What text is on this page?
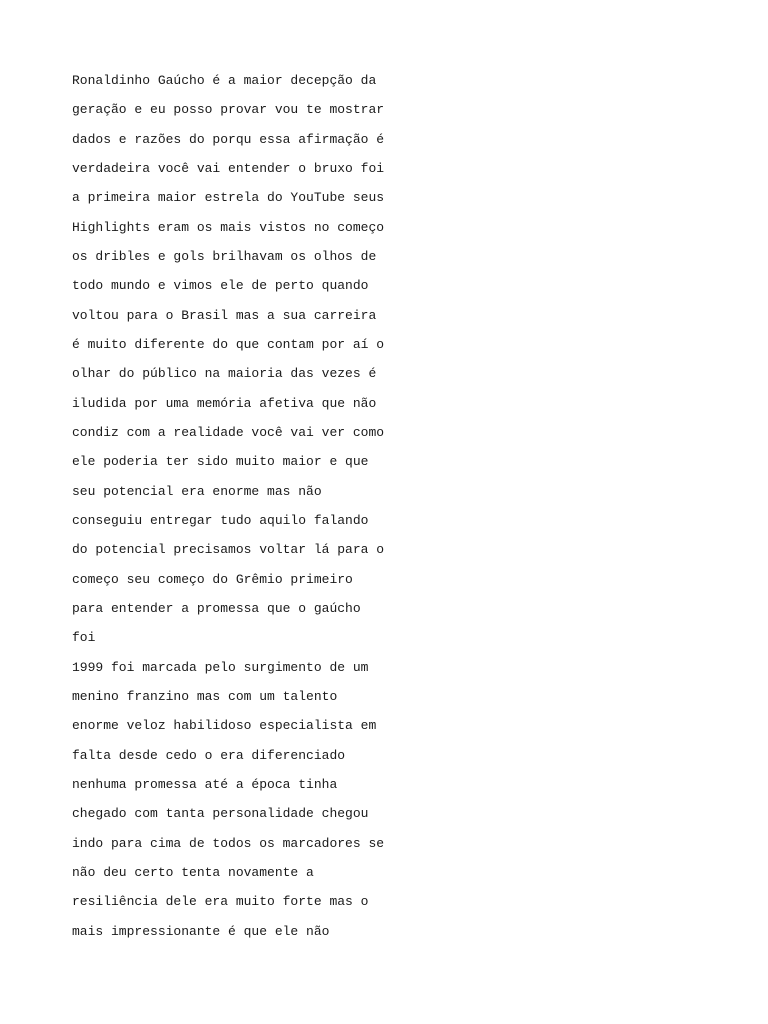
Ronaldinho Gaúcho é a maior decepção da
geração e eu posso provar vou te mostrar
dados e razões do porqu essa afirmação é
verdadeira você vai entender o bruxo foi
a primeira maior estrela do YouTube seus
Highlights eram os mais vistos no começo
os dribles e gols brilhavam os olhos de
todo mundo e vimos ele de perto quando
voltou para o Brasil mas a sua carreira
é muito diferente do que contam por aí o
olhar do público na maioria das vezes é
iludida por uma memória afetiva que não
condiz com a realidade você vai ver como
ele poderia ter sido muito maior e que
seu potencial era enorme mas não
conseguiu entregar tudo aquilo falando
do potencial precisamos voltar lá para o
começo seu começo do Grêmio primeiro
para entender a promessa que o gaúcho
foi
1999 foi marcada pelo surgimento de um
menino franzino mas com um talento
enorme veloz habilidoso especialista em
falta desde cedo o era diferenciado
nenhuma promessa até a época tinha
chegado com tanta personalidade chegou
indo para cima de todos os marcadores se
não deu certo tenta novamente a
resiliência dele era muito forte mas o
mais impressionante é que ele não
